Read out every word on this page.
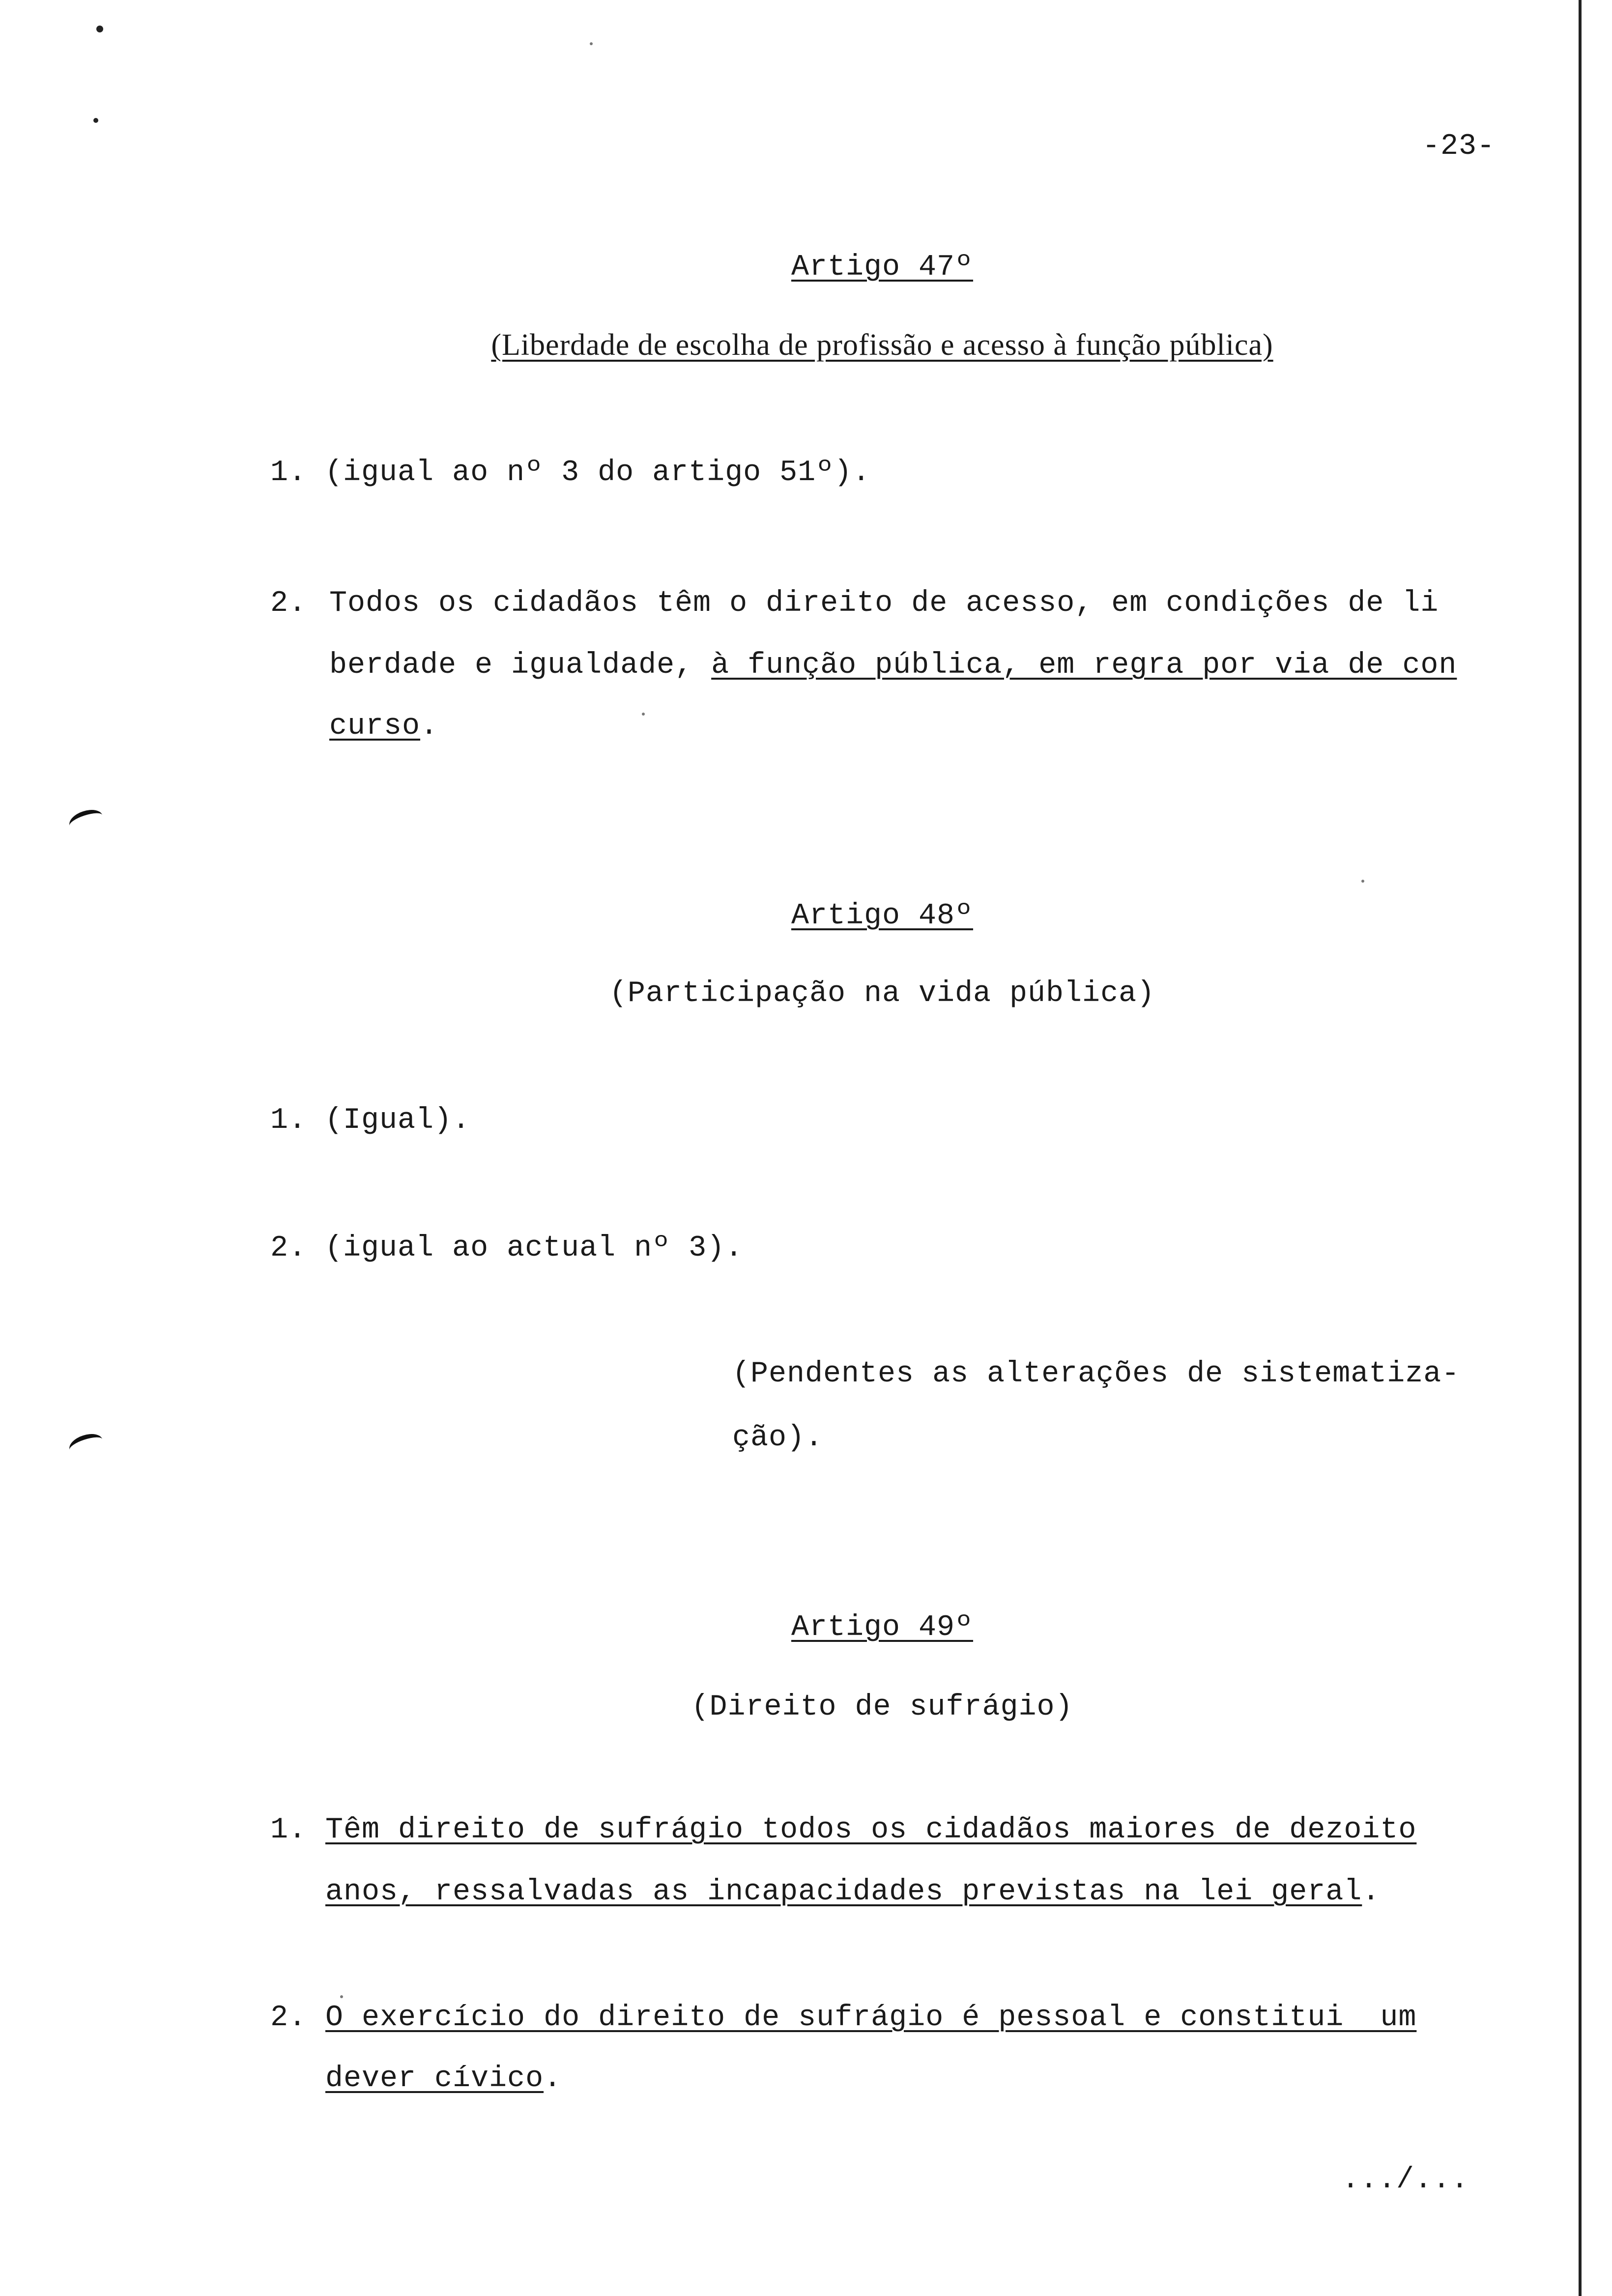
-23-
Artigo 47º
(Liberdade de escolha de profissão e acesso à função pública)
1. (igual ao nº 3 do artigo 51º).
2. Todos os cidadãos têm o direito de acesso, em condições de li
berdade e igualdade, à função pública, em regra por via de con
curso.
Artigo 48º
(Participação na vida pública)
1. (Igual).
2. (igual ao actual nº 3).
(Pendentes as alterações de sistematiza-
ção).
Artigo 49º
(Direito de sufrágio)
1. Têm direito de sufrágio todos os cidadãos maiores de dezoito
anos, ressalvadas as incapacidades previstas na lei geral.
2. O exercício do direito de sufrágio é pessoal e constitui  um
dever cívico.
.../...
